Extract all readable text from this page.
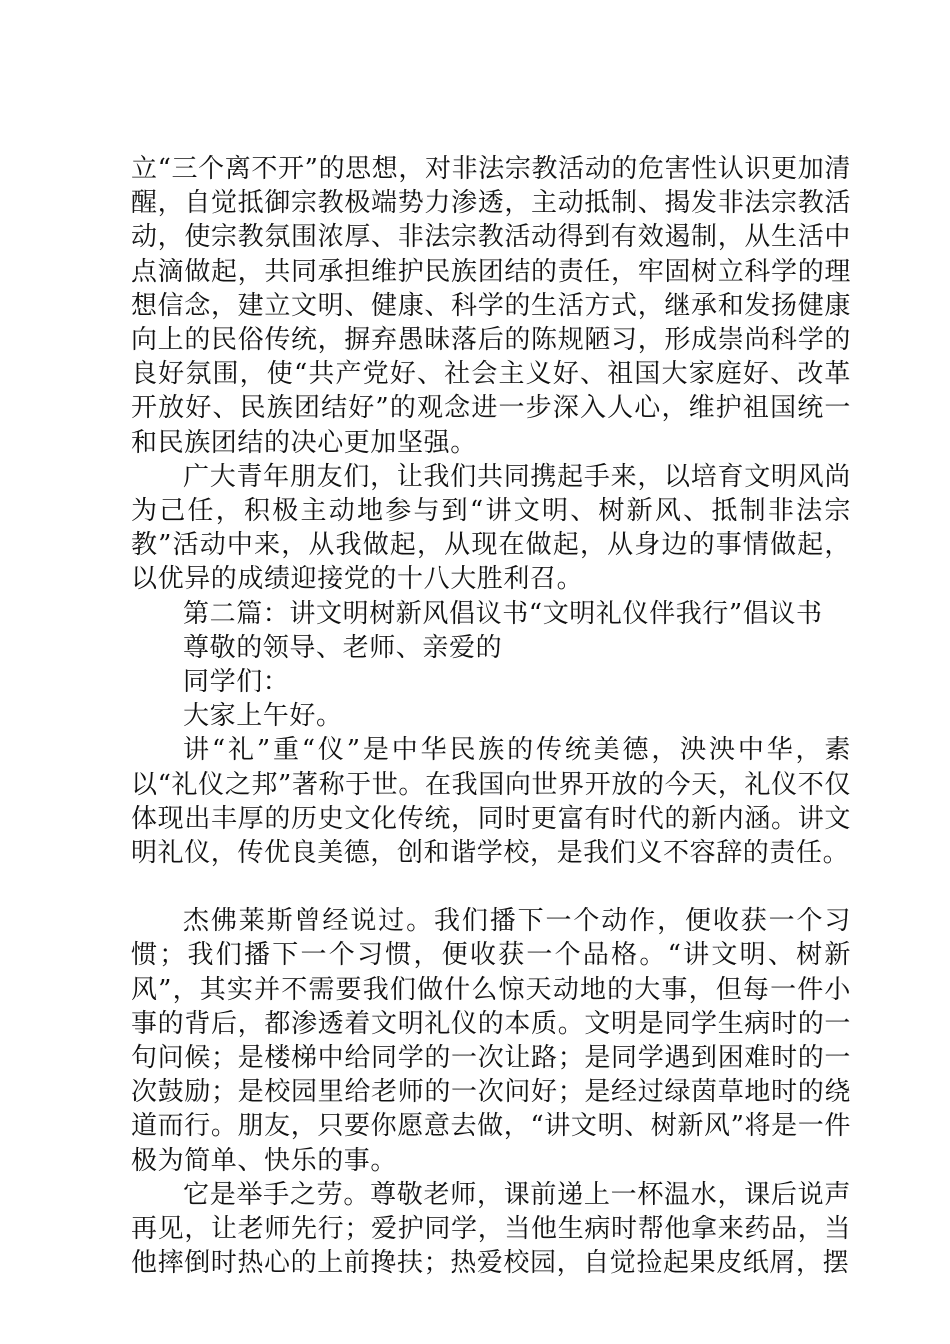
立“三个离不开”的思想，对非法宗教活动的危害性认识更加清醒，自觉抵御宗教极端势力渗透，主动抵制、揭发非法宗教活动，使宗教氛围浓厚、非法宗教活动得到有效遏制，从生活中点滴做起，共同承担维护民族团结的责任，牢固树立科学的理想信念，建立文明、健康、科学的生活方式，继承和发扬健康向上的民俗传统，摒弃愚昧落后的陈规陋习，形成崇尚科学的良好氛围，使“共产党好、社会主义好、祖国大家庭好、改革开放好、民族团结好”的观念进一步深入人心，维护祖国统一和民族团结的决心更加坚强。

广大青年朋友们，让我们共同携起手来，以培育文明风尚为己任，积极主动地参与到“讲文明、树新风、抵制非法宗教”活动中来，从我做起，从现在做起，从身边的事情做起，以优异的成绩迎接党的十八大胜利召。

第二篇：讲文明树新风倡议书“文明礼仪伴我行”倡议书

尊敬的领导、老师、亲爱的

同学们：

大家上午好。

讲“礼”重“仪”是中华民族的传统美德，泱泱中华，素以“礼仪之邦”著称于世。在我国向世界开放的今天，礼仪不仅体现出丰厚的历史文化传统，同时更富有时代的新内涵。讲文明礼仪，传优良美德，创和谐学校，是我们义不容辞的责任。

杰佛莱斯曾经说过。我们播下一个动作，便收获一个习惯；我们播下一个习惯，便收获一个品格。“讲文明、树新风”，其实并不需要我们做什么惊天动地的大事，但每一件小事的背后，都渗透着文明礼仪的本质。文明是同学生病时的一句问候；是楼梯中给同学的一次让路；是同学遇到困难时的一次鼓励；是校园里给老师的一次问好；是经过绿茵草地时的绕道而行。朋友，只要你愿意去做，“讲文明、树新风”将是一件极为简单、快乐的事。

它是举手之劳。尊敬老师，课前递上一杯温水，课后说声再见，让老师先行；爱护同学，当他生病时帮他拿来药品，当他摔倒时热心的上前搀扶；热爱校园，自觉捡起果皮纸屑，摆
